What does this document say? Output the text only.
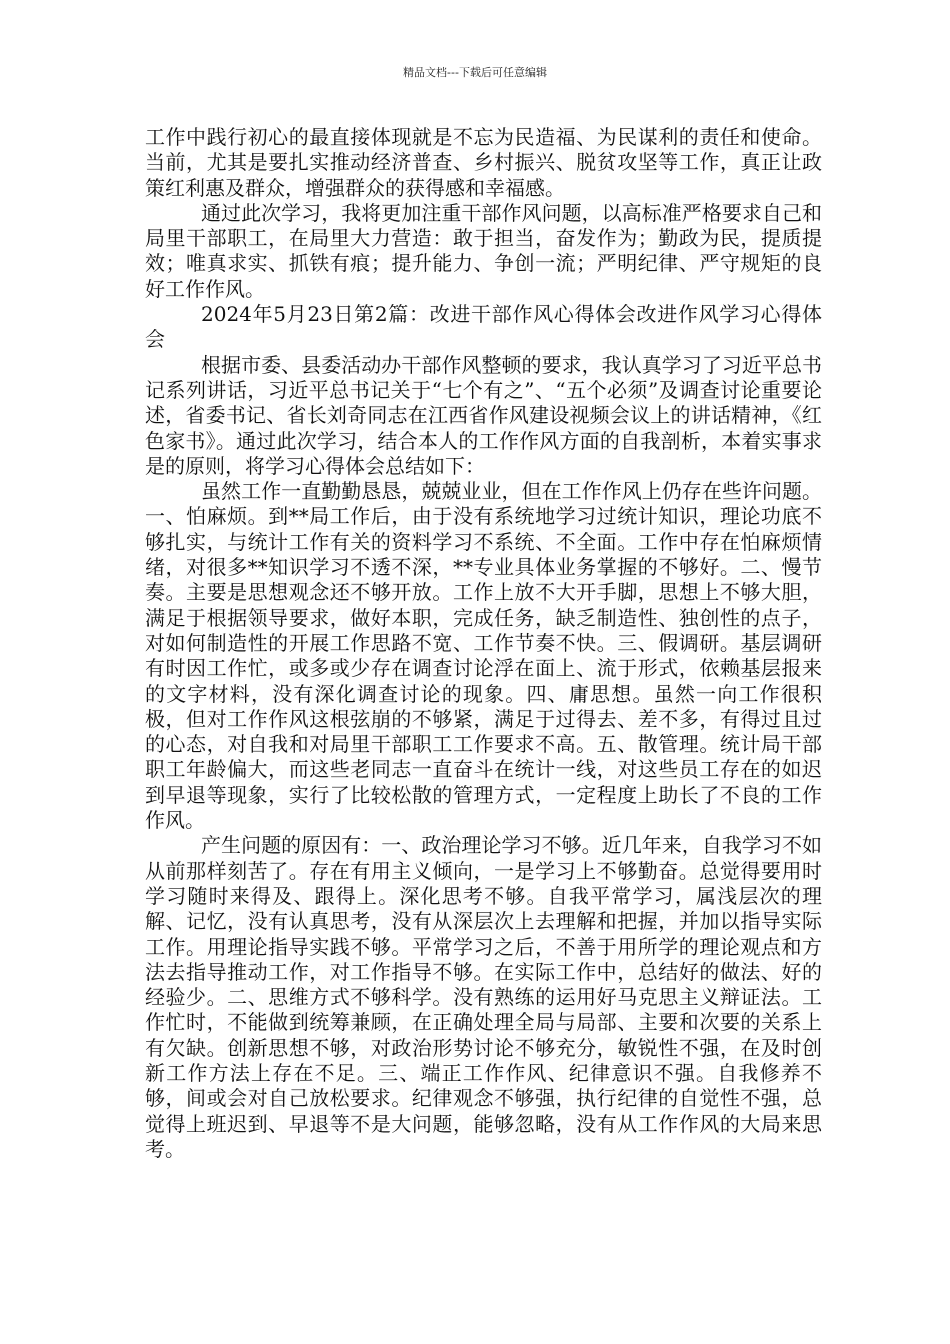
精品文档---下载后可任意编辑

工作中践行初心的最直接体现就是不忘为民造福、为民谋利的责任和使命。当前，尤其是要扎实推动经济普查、乡村振兴、脱贫攻坚等工作，真正让政策红利惠及群众，增强群众的获得感和幸福感。

通过此次学习，我将更加注重干部作风问题，以高标准严格要求自己和局里干部职工，在局里大力营造：敢于担当，奋发作为；勤政为民，提质提效；唯真求实、抓铁有痕；提升能力、争创一流；严明纪律、严守规矩的良好工作作风。

2024年5月23日第2篇：改进干部作风心得体会改进作风学习心得体会

根据市委、县委活动办干部作风整顿的要求，我认真学习了习近平总书记系列讲话，习近平总书记关于“七个有之”、“五个必须”及调查讨论重要论述，省委书记、省长刘奇同志在江西省作风建设视频会议上的讲话精神，《红色家书》。通过此次学习，结合本人的工作作风方面的自我剖析，本着实事求是的原则，将学习心得体会总结如下：

虽然工作一直勤勤恳恳，兢兢业业，但在工作作风上仍存在些许问题。一、怕麻烦。到**局工作后，由于没有系统地学习过统计知识，理论功底不够扎实，与统计工作有关的资料学习不系统、不全面。工作中存在怕麻烦情绪，对很多**知识学习不透不深，**专业具体业务掌握的不够好。二、慢节奏。主要是思想观念还不够开放。工作上放不大开手脚，思想上不够大胆，满足于根据领导要求，做好本职，完成任务，缺乏制造性、独创性的点子，对如何制造性的开展工作思路不宽、工作节奏不快。三、假调研。基层调研有时因工作忙，或多或少存在调查讨论浮在面上、流于形式，依赖基层报来的文字材料，没有深化调查讨论的现象。四、庸思想。虽然一向工作很积极，但对工作作风这根弦崩的不够紧，满足于过得去、差不多，有得过且过的心态，对自我和对局里干部职工工作要求不高。五、散管理。统计局干部职工年龄偏大，而这些老同志一直奋斗在统计一线，对这些员工存在的如迟到早退等现象，实行了比较松散的管理方式，一定程度上助长了不良的工作作风。

产生问题的原因有：一、政治理论学习不够。近几年来，自我学习不如从前那样刻苦了。存在有用主义倾向，一是学习上不够勤奋。总觉得要用时学习随时来得及、跟得上。深化思考不够。自我平常学习，属浅层次的理解、记忆，没有认真思考，没有从深层次上去理解和把握，并加以指导实际工作。用理论指导实践不够。平常学习之后，不善于用所学的理论观点和方法去指导推动工作，对工作指导不够。在实际工作中，总结好的做法、好的经验少。二、思维方式不够科学。没有熟练的运用好马克思主义辩证法。工作忙时，不能做到统筹兼顾，在正确处理全局与局部、主要和次要的关系上有欠缺。创新思想不够，对政治形势讨论不够充分，敏锐性不强，在及时创新工作方法上存在不足。三、端正工作作风、纪律意识不强。自我修养不够，间或会对自己放松要求。纪律观念不够强，执行纪律的自觉性不强，总觉得上班迟到、早退等不是大问题，能够忽略，没有从工作作风的大局来思考。
